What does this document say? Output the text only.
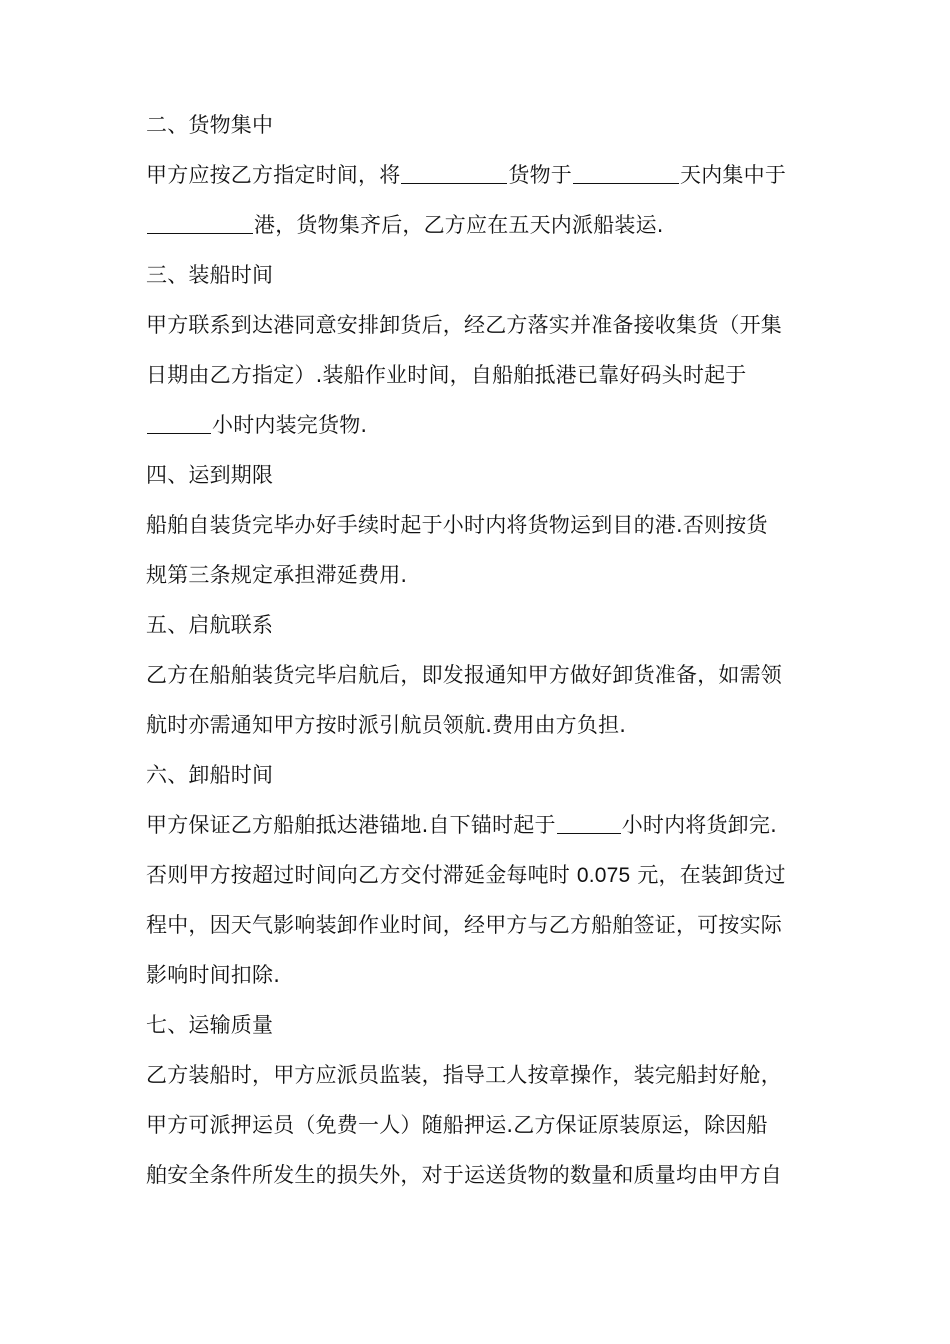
二、货物集中
甲方应按乙方指定时间，将	货物于	天内集中于
港，货物集齐后，乙方应在五天内派船装运.
三、装船时间
甲方联系到达港同意安排卸货后，经乙方落实并准备接收集货（开集
日期由乙方指定）.装船作业时间，自船舶抵港已靠好码头时起于
小时内装完货物.
四、运到期限
船舶自装货完毕办好手续时起于小时内将货物运到目的港.否则按货
规第三条规定承担滞延费用.
五、启航联系
乙方在船舶装货完毕启航后，即发报通知甲方做好卸货准备，如需领
航时亦需通知甲方按时派引航员领航.费用由方负担.
六、卸船时间
甲方保证乙方船舶抵达港锚地.自下锚时起于	小时内将货卸完.
否则甲方按超过时间向乙方交付滞延金每吨时 0.075 元，在装卸货过
程中，因天气影响装卸作业时间，经甲方与乙方船舶签证，可按实际
影响时间扣除.
七、运输质量
乙方装船时，甲方应派员监装，指导工人按章操作，装完船封好舱，
甲方可派押运员（免费一人）随船押运.乙方保证原装原运，除因船
舶安全条件所发生的损失外，对于运送货物的数量和质量均由甲方自
